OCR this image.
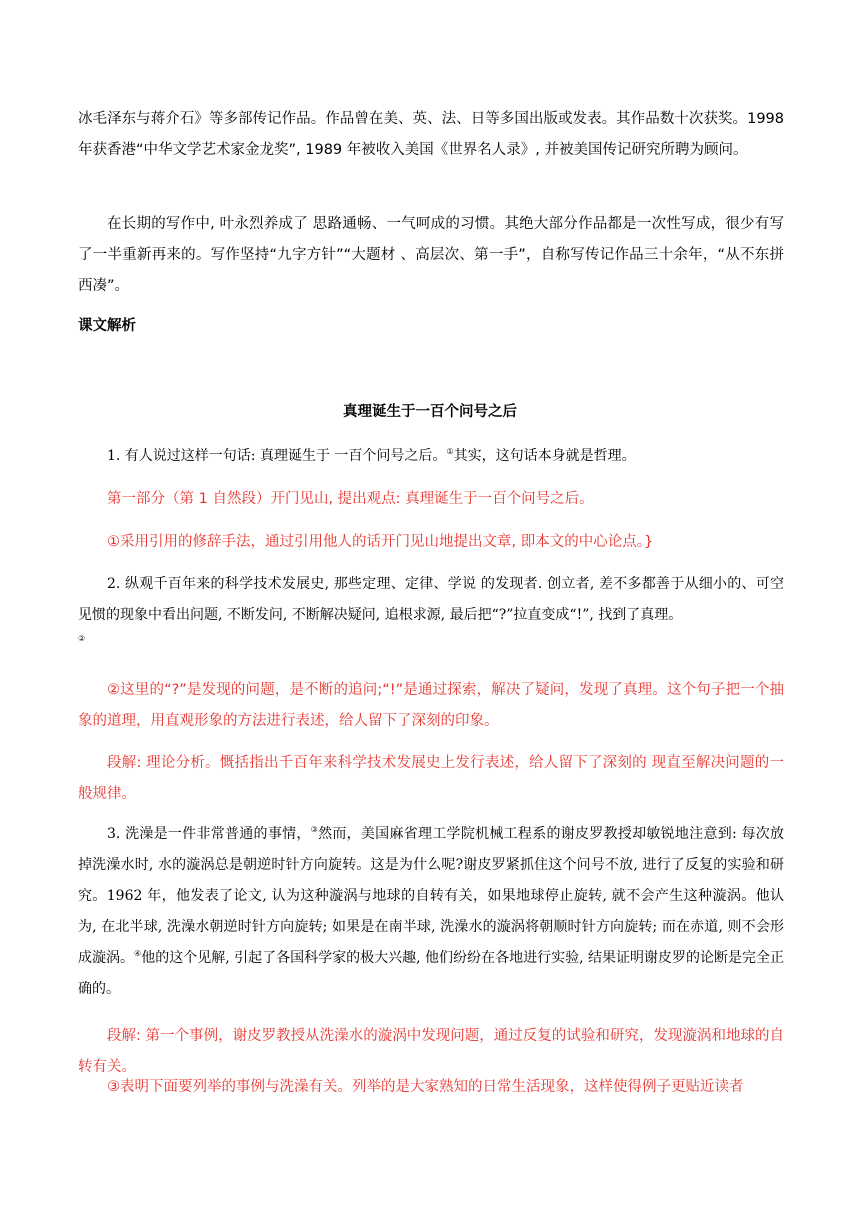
冰毛泽东与蒋介石》等多部传记作品。作品曾在美、英、法、日等多国出版或发表。其作品数十次获奖。1998 年获香港“中华文学艺术家金龙奖”, 1989 年被收入美国《世界名人录》, 并被美国传记研究所聘为顾问。

在长期的写作中, 叶永烈养成了 思路通畅、一气呵成的习惯。其绝大部分作品都是一次性写成，很少有写了一半重新再来的。写作坚持“九字方针”“大题材 、高层次、第一手”，自称写传记作品三十余年，“从不东拼西凑”。

课文解析

真理诞生于一百个问号之后

1. 有人说过这样一句话: 真理诞生于 一百个问号之后。①其实，这句话本身就是哲理。

第一部分（第 1 自然段）开门见山, 提出观点: 真理诞生于一百个问号之后。

①采用引用的修辞手法，通过引用他人的话开门见山地提出文章, 即本文的中心论点。}

2. 纵观千百年来的科学技术发展史, 那些定理、定律、学说 的发现者. 创立者, 差不多都善于从细小的、可空见惯的现象中看出问题, 不断发问, 不断解决疑问, 追根求源, 最后把“?”拉直变成“!”, 找到了真理。

②

②这里的“?”是发现的问题，是不断的追问;“!”是通过探索，解决了疑问，发现了真理。这个句子把一个抽象的道理，用直观形象的方法进行表述，给人留下了深刻的印象。

段解: 理论分析。慨括指出千百年来科学技术发展史上发行表述，给人留下了深刻的 现直至解决问题的一般规律。

3. 洗澡是一件非常普通的事情，③然而，美国麻省理工学院机械工程系的谢皮罗教授却敏锐地注意到: 每次放掉洗澡水时, 水的漩涡总是朝逆时针方向旋转。这是为什么呢?谢皮罗紧抓住这个问号不放, 进行了反复的实验和研究。1962 年，他发表了论文, 认为这种漩涡与地球的自转有关，如果地球停止旋转, 就不会产生这种漩涡。他认为, 在北半球, 洗澡水朝逆时针方向旋转; 如果是在南半球, 洗澡水的漩涡将朝顺时针方向旋转; 而在赤道, 则不会形成漩涡。④他的这个见解, 引起了各国科学家的极大兴趣, 他们纷纷在各地进行实验, 结果证明谢皮罗的论断是完全正确的。

段解: 第一个事例，谢皮罗教授从洗澡水的漩涡中发现问题，通过反复的试验和研究，发现漩涡和地球的自转有关。

③表明下面要列举的事例与洗澡有关。列举的是大家熟知的日常生活现象，这样使得例子更贴近读者
